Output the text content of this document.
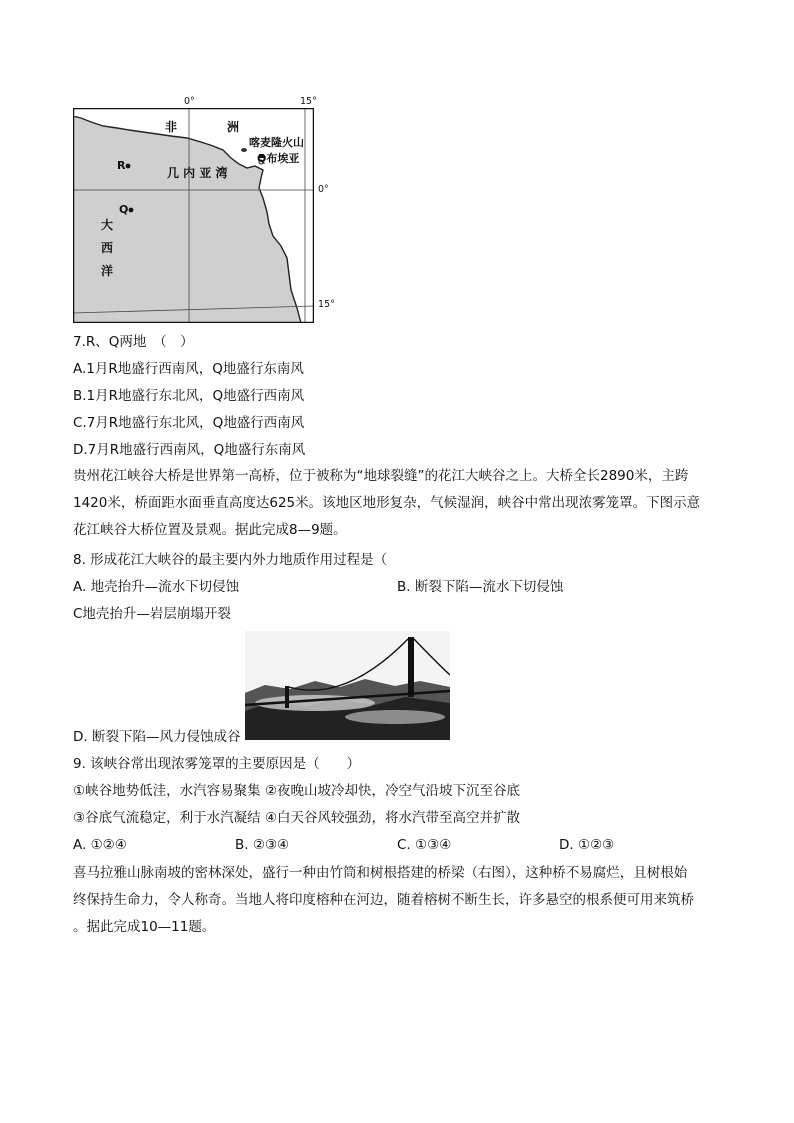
非	洲
喀麦隆火山
Q布埃亚
几 内 亚 湾
R
Q
大
西
洋
0°	15°
0°
15°
7.R、Q两地　（　）
A.1月R地盛行西南风，Q地盛行东南风
B.1月R地盛行东北风，Q地盛行西南风
C.7月R地盛行东北风，Q地盛行西南风
D.7月R地盛行西南风，Q地盛行东南风
贵州花江峡谷大桥是世界第一高桥，位于被称为“地球裂缝”的花江大峡谷之上。大桥全长2890米，主跨
1420米，桥面距水面垂直高度达625米。该地区地形复杂，气候湿润，峡谷中常出现浓雾笼罩。下图示意
花江峡谷大桥位置及景观。据此完成8—9题。
8. 形成花江大峡谷的最主要内外力地质作用过程是（
A. 地壳抬升—流水下切侵蚀	B. 断裂下陷—流水下切侵蚀
C地壳抬升—岩层崩塌开裂
D. 断裂下陷—风力侵蚀成谷
9. 该峡谷常出现浓雾笼罩的主要原因是（　　）
①峡谷地势低洼，水汽容易聚集 ②夜晚山坡冷却快，冷空气沿坡下沉至谷底
③谷底气流稳定，利于水汽凝结 ④白天谷风较强劲，将水汽带至高空并扩散
A. ①②④	B. ②③④	C. ①③④	D. ①②③
喜马拉雅山脉南坡的密林深处，盛行一种由竹筒和树根搭建的桥梁（右图），这种桥不易腐烂，且树根始
终保持生命力，令人称奇。当地人将印度榕种在河边，随着榕树不断生长，许多悬空的根系便可用来筑桥
。据此完成10—11题。
